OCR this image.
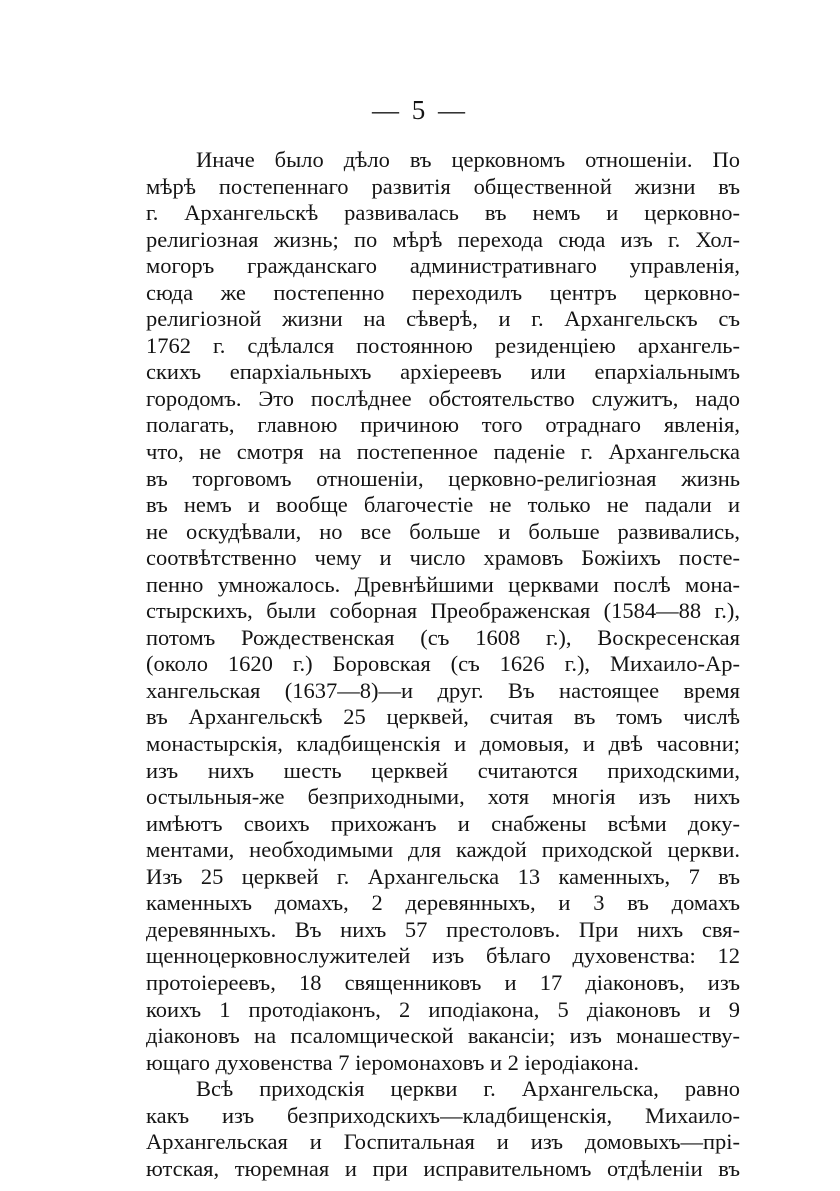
— 5 —
Иначе было дѣло въ церковномъ отношеніи. По
мѣрѣ постепеннаго развитія общественной жизни въ
г. Архангельскѣ развивалась въ немъ и церковно-
религіозная жизнь; по мѣрѣ перехода сюда изъ г. Хол-
могоръ гражданскаго административнаго управленія,
сюда же постепенно переходилъ центръ церковно-
религіозной жизни на сѣверѣ, и г. Архангельскъ съ
1762 г. сдѣлался постоянною резиденціею архангель-
скихъ епархіальныхъ архіереевъ или епархіальнымъ
городомъ. Это послѣднее обстоятельство служитъ, надо
полагать, главною причиною того отраднаго явленія,
что, не смотря на постепенное паденіе г. Архангельска
въ торговомъ отношеніи, церковно-религіозная жизнь
въ немъ и вообще благочестіе не только не падали и
не оскудѣвали, но все больше и больше развивались,
соотвѣтственно чему и число храмовъ Божіихъ посте-
пенно умножалось. Древнѣйшими церквами послѣ мона-
стырскихъ, были соборная Преображенская (1584—88 г.),
потомъ Рождественская (съ 1608 г.), Воскресенская
(около 1620 г.) Боровская (съ 1626 г.), Михаило-Ар-
хангельская (1637—8)—и друг. Въ настоящее время
въ Архангельскѣ 25 церквей, считая въ томъ числѣ
монастырскія, кладбищенскія и домовыя, и двѣ часовни;
изъ нихъ шесть церквей считаются приходскими,
остыльныя-же безприходными, хотя многія изъ нихъ
имѣютъ своихъ прихожанъ и снабжены всѣми доку-
ментами, необходимыми для каждой приходской церкви.
Изъ 25 церквей г. Архангельска 13 каменныхъ, 7 въ
каменныхъ домахъ, 2 деревянныхъ, и 3 въ домахъ
деревянныхъ. Въ нихъ 57 престоловъ. При нихъ свя-
щенноцерковнослужителей изъ бѣлаго духовенства: 12
протоіереевъ, 18 священниковъ и 17 діаконовъ, изъ
коихъ 1 протодіаконъ, 2 иподіакона, 5 діаконовъ и 9
діаконовъ на псаломщической вакансіи; изъ монашеству-
ющаго духовенства 7 іеромонаховъ и 2 іеродіакона.
Всѣ приходскія церкви г. Архангельска, равно
какъ изъ безприходскихъ—кладбищенскія, Михаило-
Архангельская и Госпитальная и изъ домовыхъ—прі-
ютская, тюремная и при исправительномъ отдѣленіи въ
